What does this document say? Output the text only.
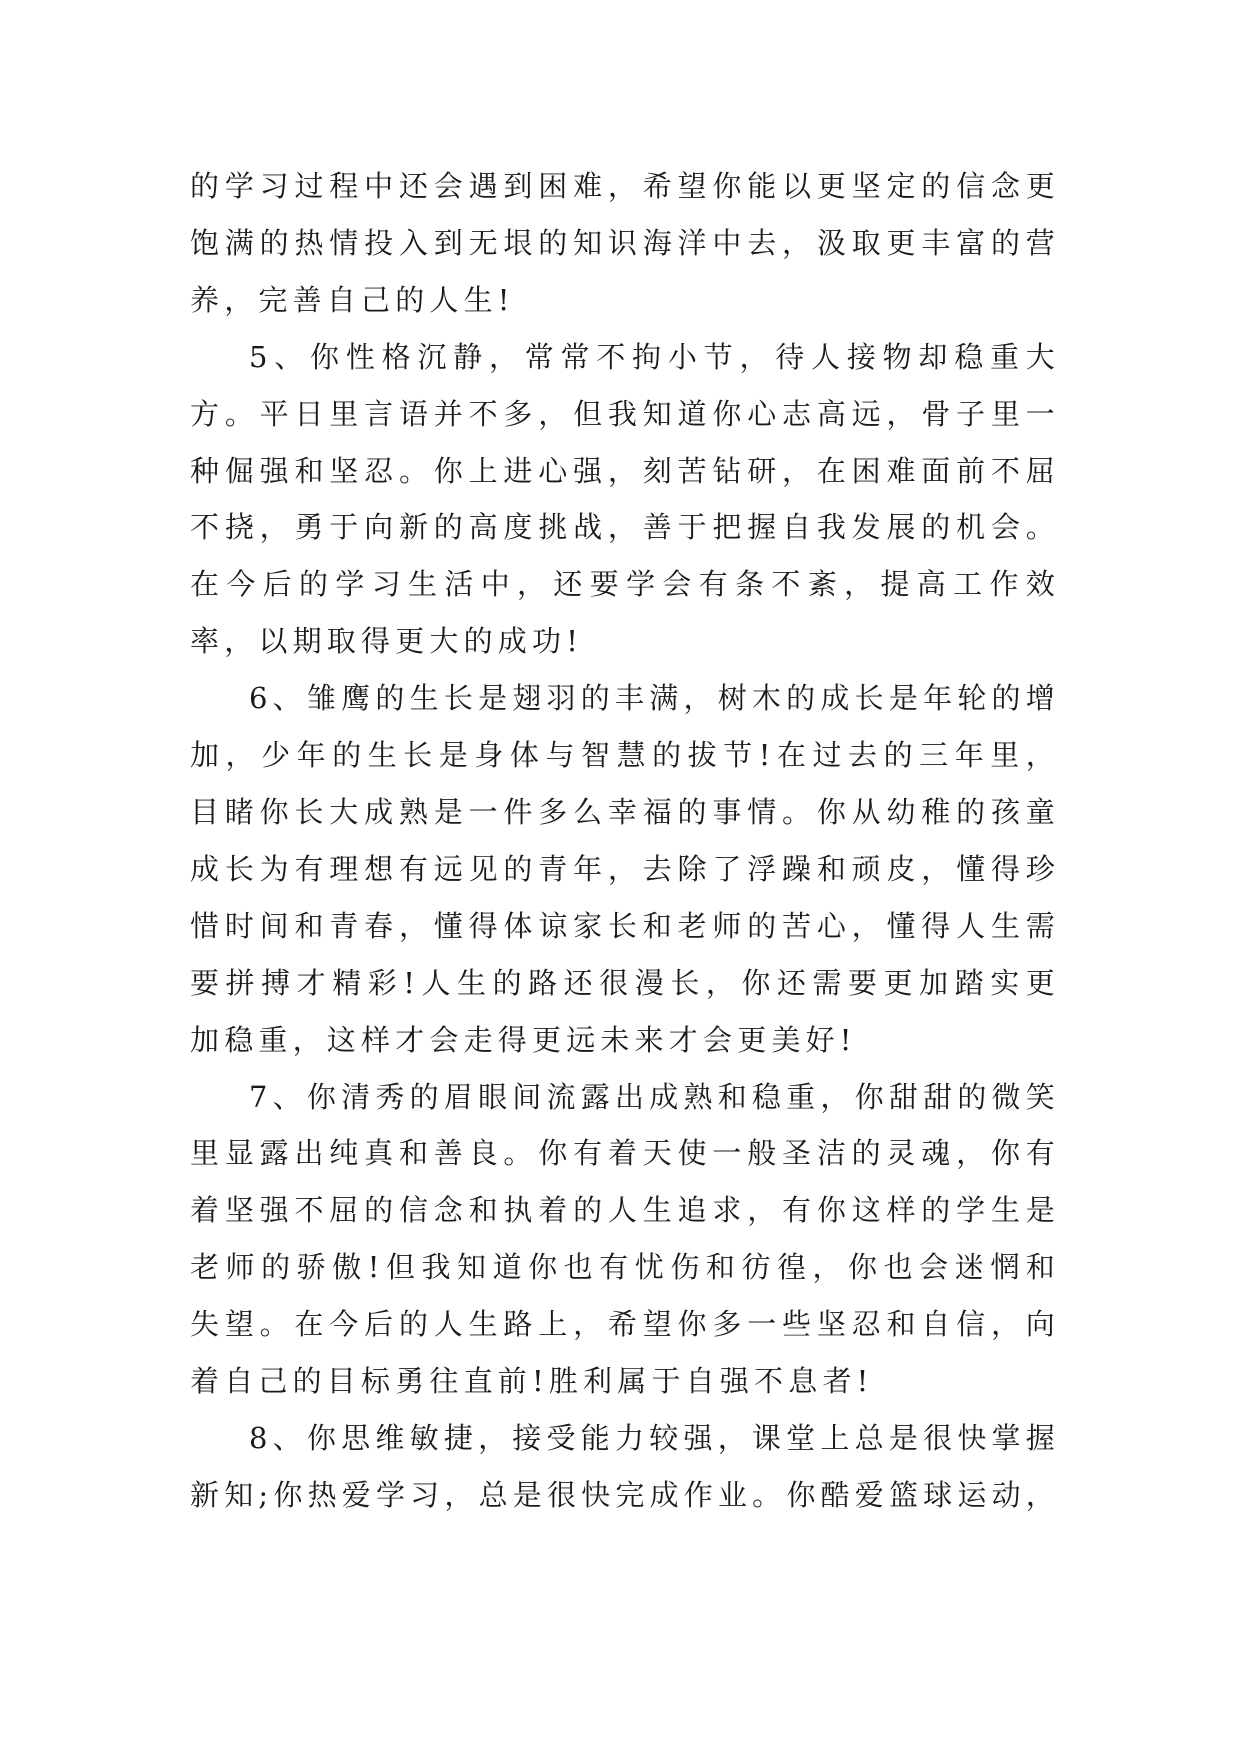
的学习过程中还会遇到困难，希望你能以更坚定的信念更饱满的热情投入到无垠的知识海洋中去，汲取更丰富的营养，完善自己的人生!

5、你性格沉静，常常不拘小节，待人接物却稳重大方。平日里言语并不多，但我知道你心志高远，骨子里一种倔强和坚忍。你上进心强，刻苦钻研，在困难面前不屈不挠，勇于向新的高度挑战，善于把握自我发展的机会。在今后的学习生活中，还要学会有条不紊，提高工作效率，以期取得更大的成功!

6、雏鹰的生长是翅羽的丰满，树木的成长是年轮的增加，少年的生长是身体与智慧的拔节!在过去的三年里，目睹你长大成熟是一件多么幸福的事情。你从幼稚的孩童成长为有理想有远见的青年，去除了浮躁和顽皮，懂得珍惜时间和青春，懂得体谅家长和老师的苦心，懂得人生需要拼搏才精彩!人生的路还很漫长，你还需要更加踏实更加稳重，这样才会走得更远未来才会更美好!

7、你清秀的眉眼间流露出成熟和稳重，你甜甜的微笑里显露出纯真和善良。你有着天使一般圣洁的灵魂，你有着坚强不屈的信念和执着的人生追求，有你这样的学生是老师的骄傲!但我知道你也有忧伤和彷徨，你也会迷惘和失望。在今后的人生路上，希望你多一些坚忍和自信，向着自己的目标勇往直前!胜利属于自强不息者!

8、你思维敏捷，接受能力较强，课堂上总是很快掌握新知;你热爱学习，总是很快完成作业。你酷爱篮球运动，
